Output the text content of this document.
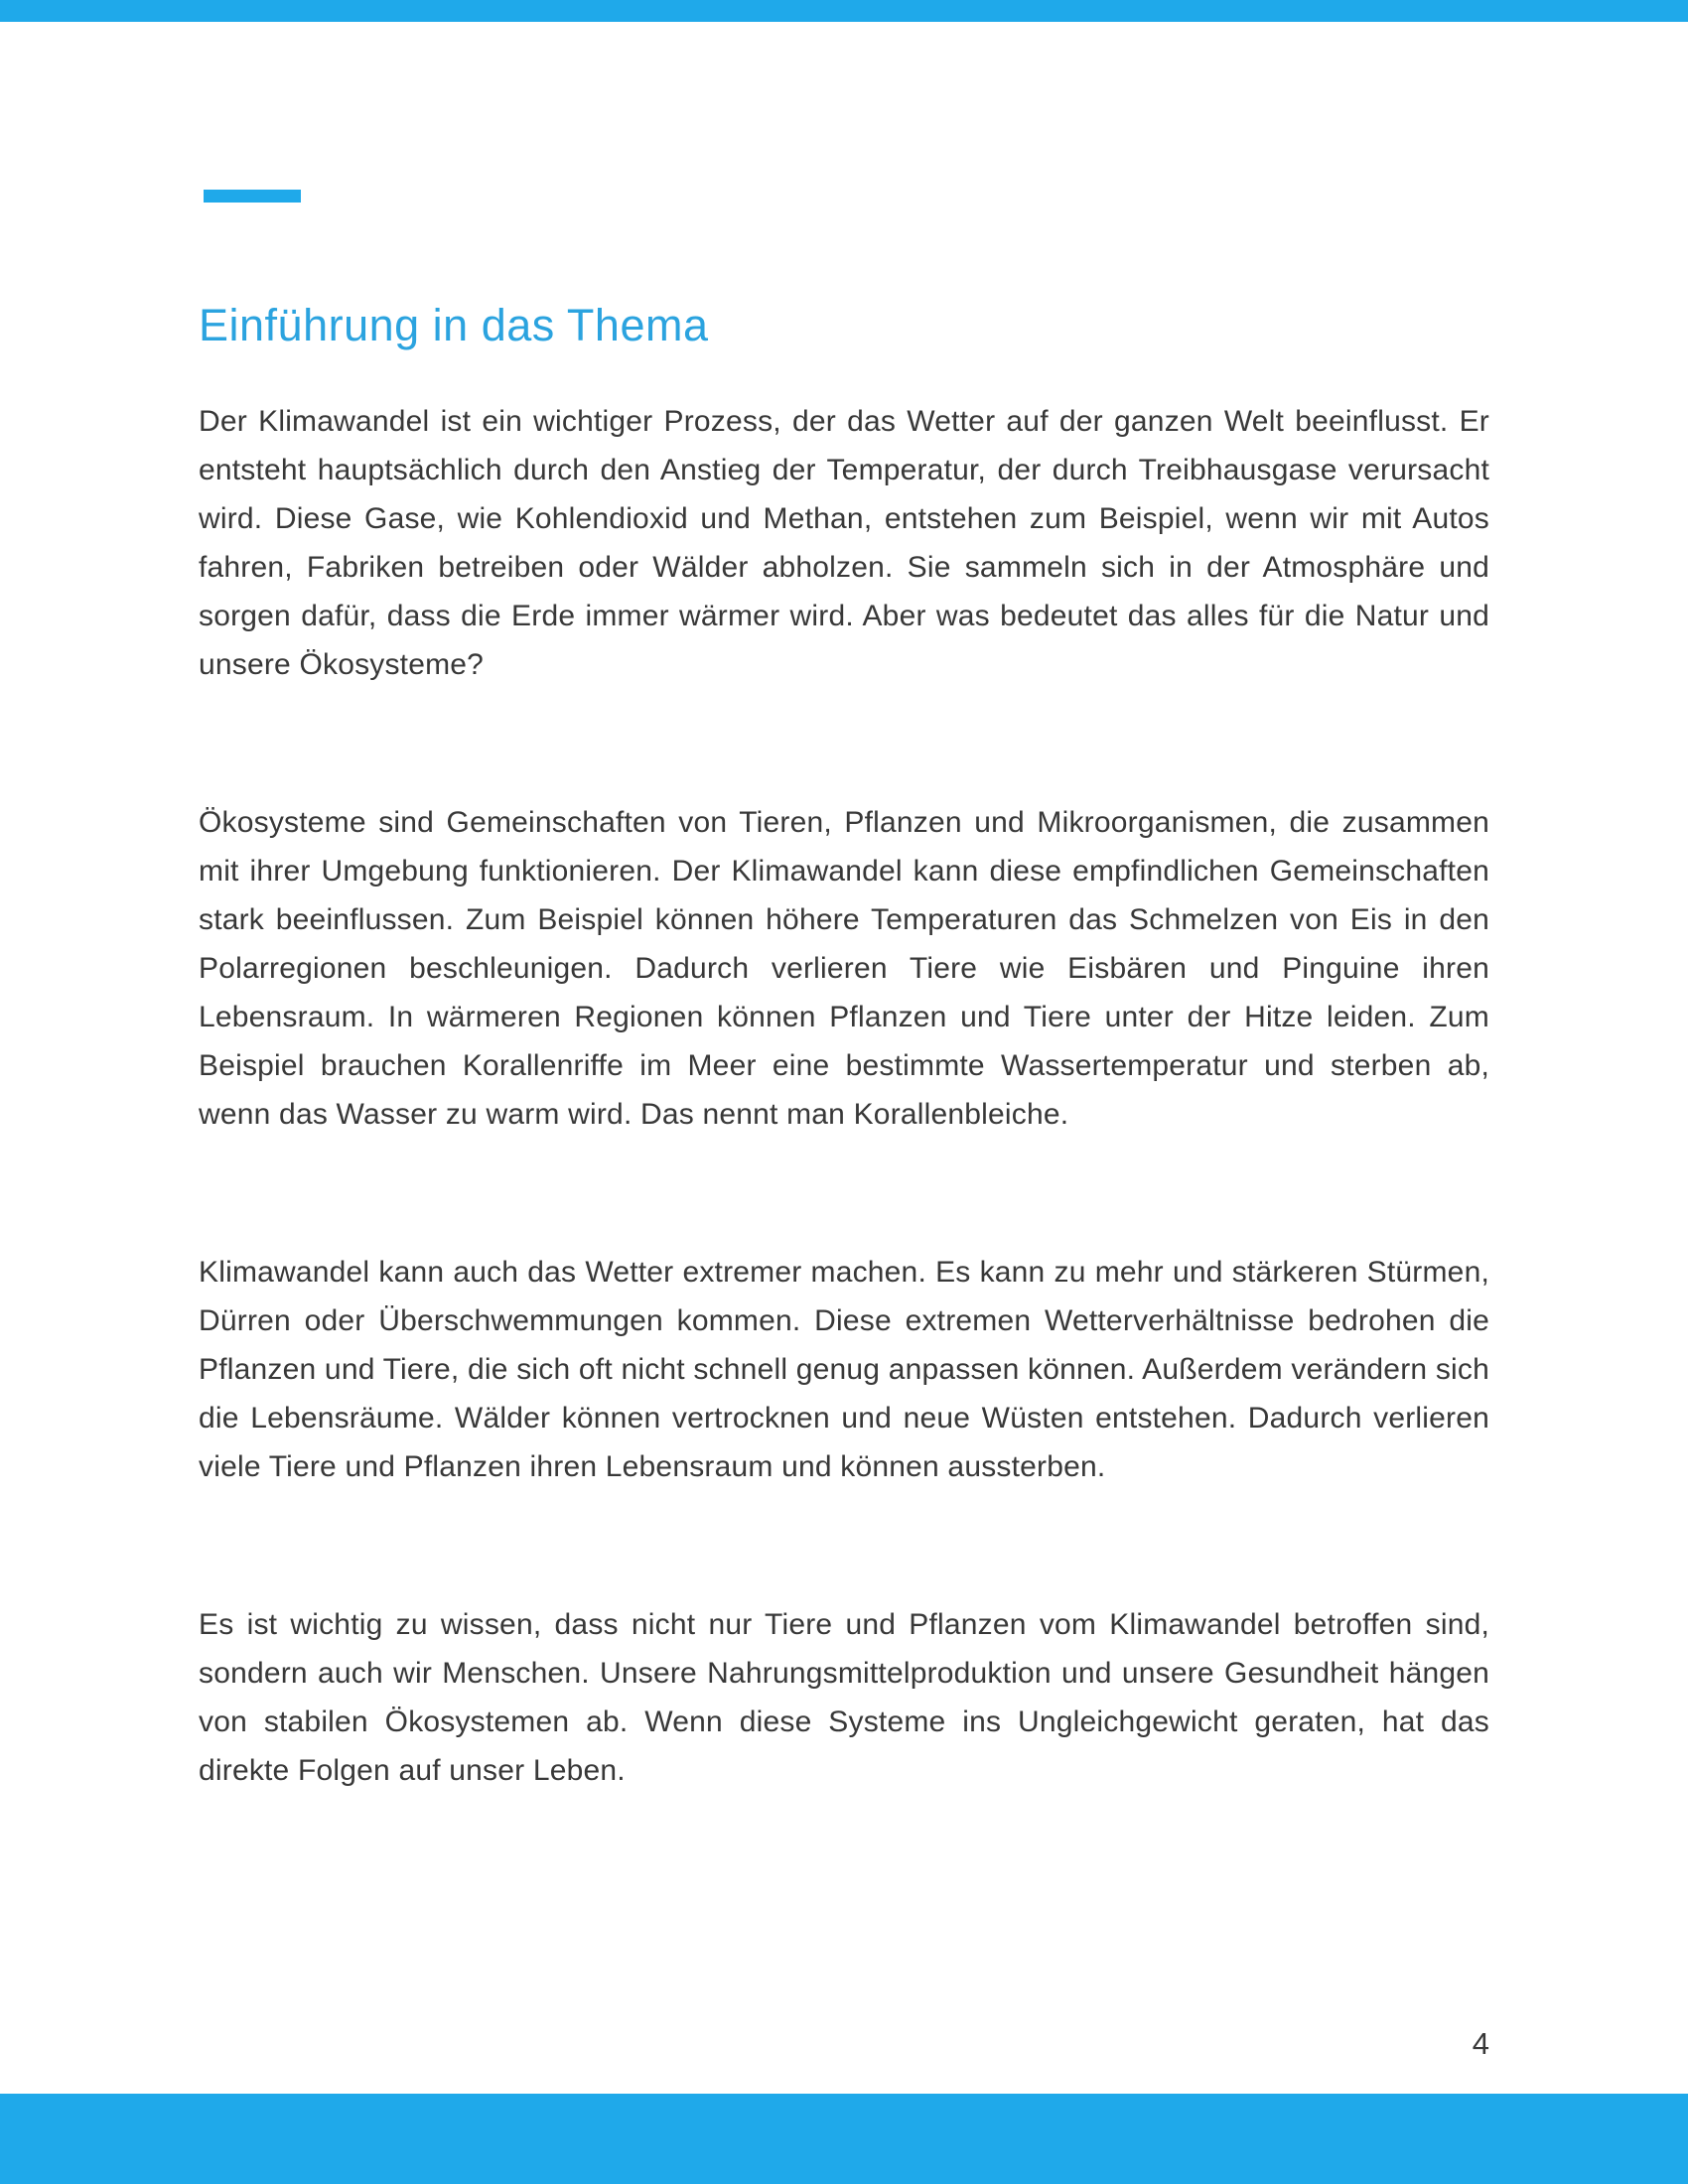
Einführung in das Thema

Der Klimawandel ist ein wichtiger Prozess, der das Wetter auf der ganzen Welt beeinflusst. Er entsteht hauptsächlich durch den Anstieg der Temperatur, der durch Treibhausgase verursacht wird. Diese Gase, wie Kohlendioxid und Methan, entstehen zum Beispiel, wenn wir mit Autos fahren, Fabriken betreiben oder Wälder abholzen. Sie sammeln sich in der Atmosphäre und sorgen dafür, dass die Erde immer wärmer wird. Aber was bedeutet das alles für die Natur und unsere Ökosysteme?

Ökosysteme sind Gemeinschaften von Tieren, Pflanzen und Mikroorganismen, die zusammen mit ihrer Umgebung funktionieren. Der Klimawandel kann diese empfindlichen Gemeinschaften stark beeinflussen. Zum Beispiel können höhere Temperaturen das Schmelzen von Eis in den Polarregionen beschleunigen. Dadurch verlieren Tiere wie Eisbären und Pinguine ihren Lebensraum. In wärmeren Regionen können Pflanzen und Tiere unter der Hitze leiden. Zum Beispiel brauchen Korallenriffe im Meer eine bestimmte Wassertemperatur und sterben ab, wenn das Wasser zu warm wird. Das nennt man Korallenbleiche.

Klimawandel kann auch das Wetter extremer machen. Es kann zu mehr und stärkeren Stürmen, Dürren oder Überschwemmungen kommen. Diese extremen Wetterverhältnisse bedrohen die Pflanzen und Tiere, die sich oft nicht schnell genug anpassen können. Außerdem verändern sich die Lebensräume. Wälder können vertrocknen und neue Wüsten entstehen. Dadurch verlieren viele Tiere und Pflanzen ihren Lebensraum und können aussterben.

Es ist wichtig zu wissen, dass nicht nur Tiere und Pflanzen vom Klimawandel betroffen sind, sondern auch wir Menschen. Unsere Nahrungsmittelproduktion und unsere Gesundheit hängen von stabilen Ökosystemen ab. Wenn diese Systeme ins Ungleichgewicht geraten, hat das direkte Folgen auf unser Leben.

4
